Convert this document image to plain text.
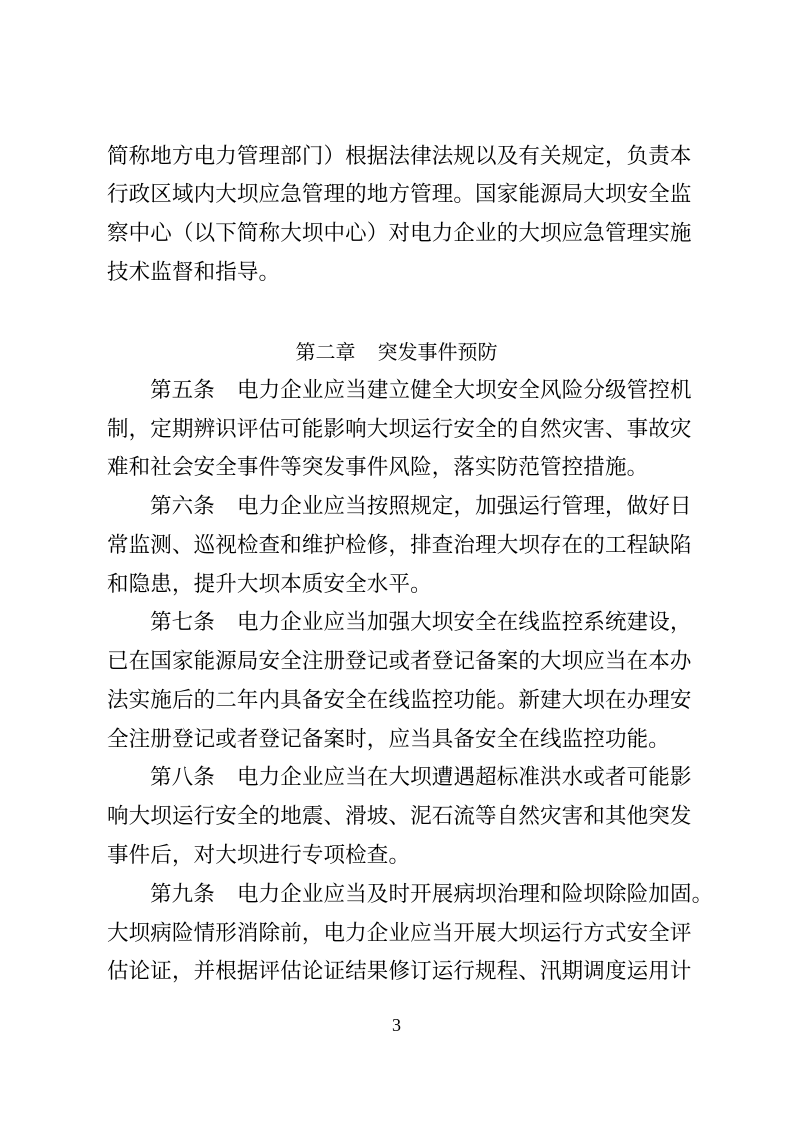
简称地方电力管理部门）根据法律法规以及有关规定，负责本
行政区域内大坝应急管理的地方管理。国家能源局大坝安全监
察中心（以下简称大坝中心）对电力企业的大坝应急管理实施
技术监督和指导。
第二章 突发事件预防
第五条 电力企业应当建立健全大坝安全风险分级管控机
制，定期辨识评估可能影响大坝运行安全的自然灾害、事故灾
难和社会安全事件等突发事件风险，落实防范管控措施。
第六条 电力企业应当按照规定，加强运行管理，做好日
常监测、巡视检查和维护检修，排查治理大坝存在的工程缺陷
和隐患，提升大坝本质安全水平。
第七条 电力企业应当加强大坝安全在线监控系统建设，
已在国家能源局安全注册登记或者登记备案的大坝应当在本办
法实施后的二年内具备安全在线监控功能。新建大坝在办理安
全注册登记或者登记备案时，应当具备安全在线监控功能。
第八条 电力企业应当在大坝遭遇超标准洪水或者可能影
响大坝运行安全的地震、滑坡、泥石流等自然灾害和其他突发
事件后，对大坝进行专项检查。
第九条 电力企业应当及时开展病坝治理和险坝除险加固。
大坝病险情形消除前，电力企业应当开展大坝运行方式安全评
估论证，并根据评估论证结果修订运行规程、汛期调度运用计
3
